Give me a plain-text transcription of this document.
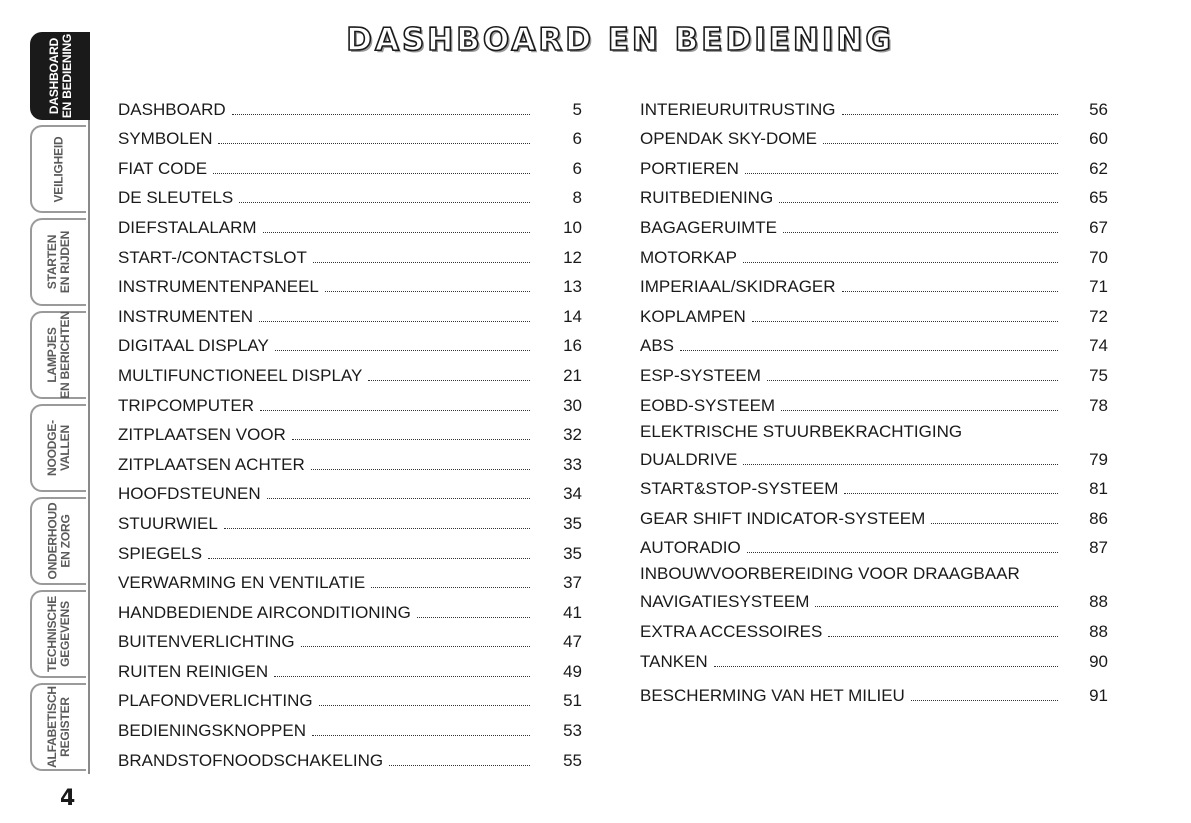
DASHBOARD
EN BEDIENING
VEILIGHEID
STARTEN
EN RIJDEN
LAMPJES
EN BERICHTEN
NOODGE-
VALLEN
ONDERHOUD
EN ZORG
TECHNISCHE
GEGEVENS
ALFABETISCH
REGISTER
4
DASHBOARD EN BEDIENING
DASHBOARD	5
SYMBOLEN	6
FIAT CODE	6
DE SLEUTELS	8
DIEFSTALALARM	10
START-/CONTACTSLOT	12
INSTRUMENTENPANEEL	13
INSTRUMENTEN	14
DIGITAAL DISPLAY	16
MULTIFUNCTIONEEL DISPLAY	21
TRIPCOMPUTER	30
ZITPLAATSEN VOOR	32
ZITPLAATSEN ACHTER	33
HOOFDSTEUNEN	34
STUURWIEL	35
SPIEGELS	35
VERWARMING EN VENTILATIE	37
HANDBEDIENDE AIRCONDITIONING	41
BUITENVERLICHTING	47
RUITEN REINIGEN	49
PLAFONDVERLICHTING	51
BEDIENINGSKNOPPEN	53
BRANDSTOFNOODSCHAKELING	55
INTERIEURUITRUSTING	56
OPENDAK SKY-DOME	60
PORTIEREN	62
RUITBEDIENING	65
BAGAGERUIMTE	67
MOTORKAP	70
IMPERIAAL/SKIDRAGER	71
KOPLAMPEN	72
ABS	74
ESP-SYSTEEM	75
EOBD-SYSTEEM	78
ELEKTRISCHE STUURBEKRACHTIGING
DUALDRIVE	79
START&STOP-SYSTEEM	81
GEAR SHIFT INDICATOR-SYSTEEM	86
AUTORADIO	87
INBOUWVOORBEREIDING VOOR DRAAGBAAR
NAVIGATIESYSTEEM	88
EXTRA ACCESSOIRES	88
TANKEN	90
BESCHERMING VAN HET MILIEU	91
